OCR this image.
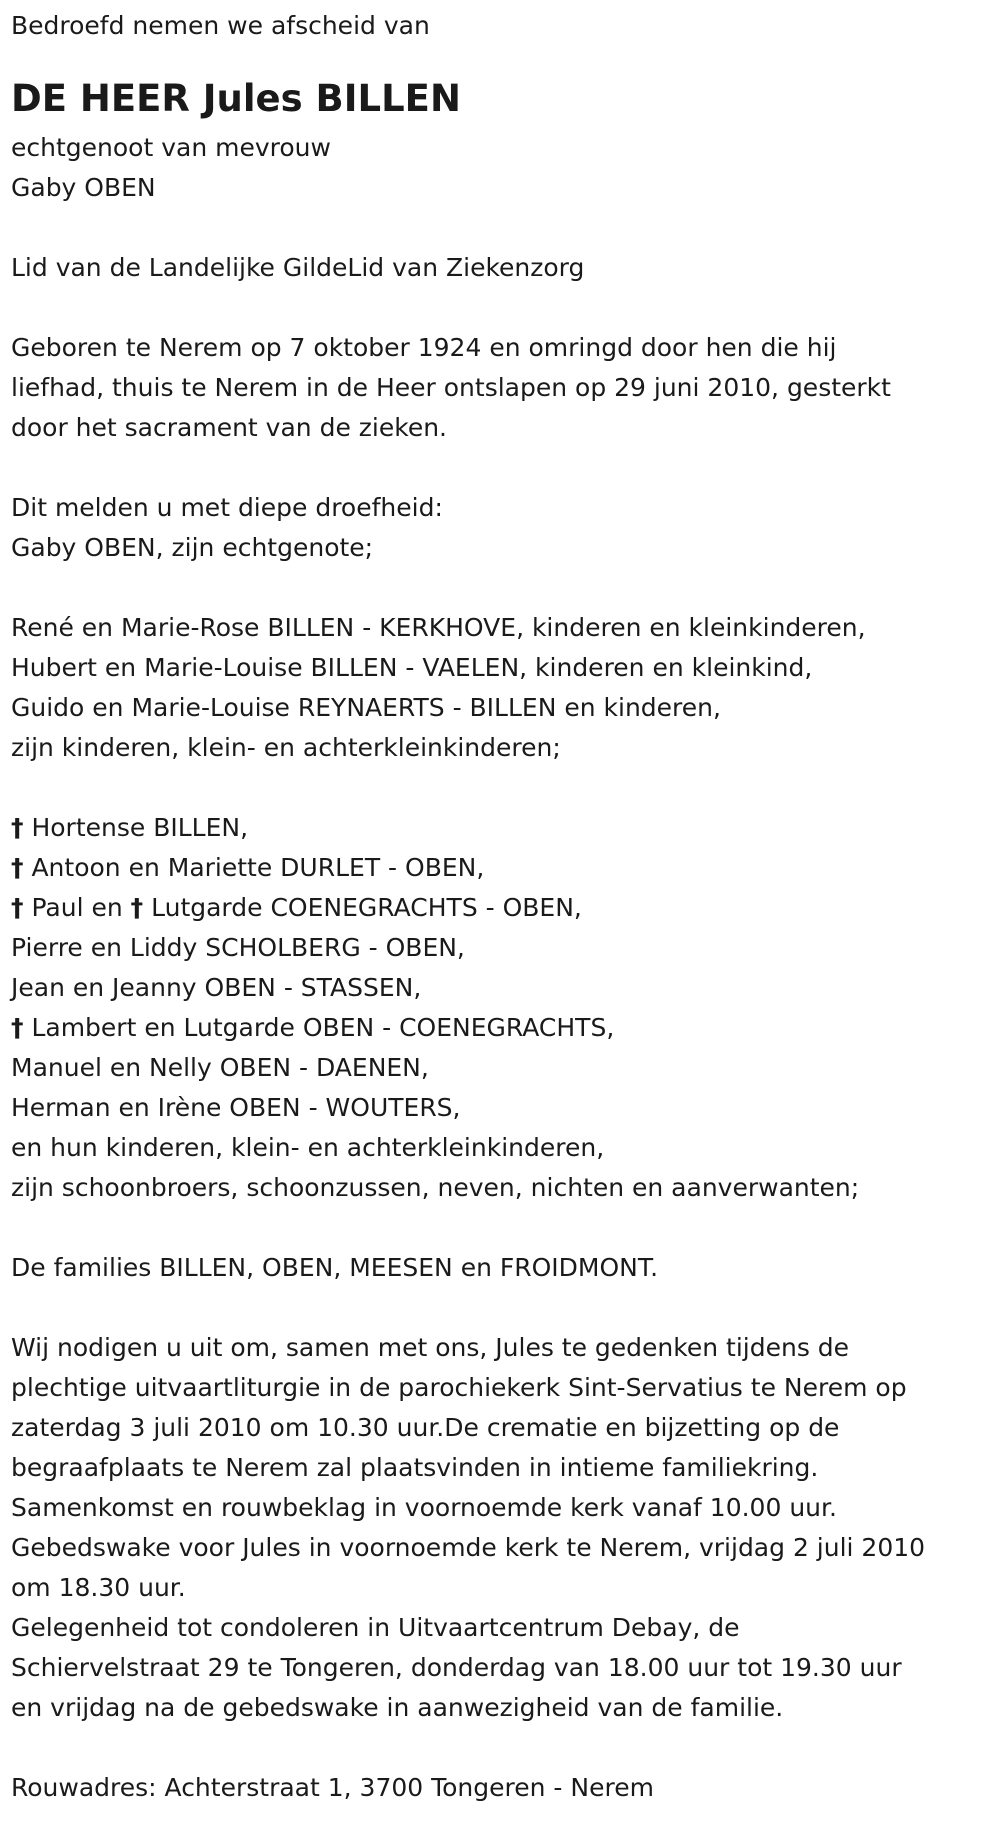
Bedroefd nemen we afscheid van
DE HEER Jules BILLEN
echtgenoot van mevrouw
Gaby OBEN
Lid van de Landelijke GildeLid van Ziekenzorg
Geboren te Nerem op 7 oktober 1924 en omringd door hen die hij
liefhad, thuis te Nerem in de Heer ontslapen op 29 juni 2010, gesterkt
door het sacrament van de zieken.
Dit melden u met diepe droefheid:
Gaby OBEN, zijn echtgenote;
René en Marie-Rose BILLEN - KERKHOVE, kinderen en kleinkinderen,
Hubert en Marie-Louise BILLEN - VAELEN, kinderen en kleinkind,
Guido en Marie-Louise REYNAERTS - BILLEN en kinderen,
zijn kinderen, klein- en achterkleinkinderen;
† Hortense BILLEN,
† Antoon en Mariette DURLET - OBEN,
† Paul en † Lutgarde COENEGRACHTS - OBEN,
Pierre en Liddy SCHOLBERG - OBEN,
Jean en Jeanny OBEN - STASSEN,
† Lambert en Lutgarde OBEN - COENEGRACHTS,
Manuel en Nelly OBEN - DAENEN,
Herman en Irène OBEN - WOUTERS,
en hun kinderen, klein- en achterkleinkinderen,
zijn schoonbroers, schoonzussen, neven, nichten en aanverwanten;
De families BILLEN, OBEN, MEESEN en FROIDMONT.
Wij nodigen u uit om, samen met ons, Jules te gedenken tijdens de
plechtige uitvaartliturgie in de parochiekerk Sint-Servatius te Nerem op
zaterdag 3 juli 2010 om 10.30 uur.De crematie en bijzetting op de
begraafplaats te Nerem zal plaatsvinden in intieme familiekring.
Samenkomst en rouwbeklag in voornoemde kerk vanaf 10.00 uur.
Gebedswake voor Jules in voornoemde kerk te Nerem, vrijdag 2 juli 2010
om 18.30 uur.
Gelegenheid tot condoleren in Uitvaartcentrum Debay, de
Schiervelstraat 29 te Tongeren, donderdag van 18.00 uur tot 19.30 uur
en vrijdag na de gebedswake in aanwezigheid van de familie.
Rouwadres: Achterstraat 1, 3700 Tongeren - Nerem
